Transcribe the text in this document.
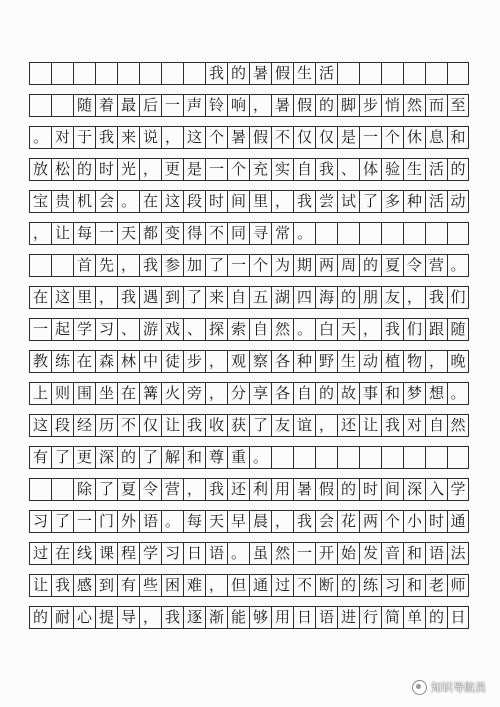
我 的 暑 假 生 活
随 着 最 后 一 声 铃 响 ， 暑 假 的 脚 步 悄 然 而 至
。 对 于 我 来 说 ， 这 个 暑 假 不 仅 仅 是 一 个 休 息 和
放 松 的 时 光 ， 更 是 一 个 充 实 自 我 、 体 验 生 活 的
宝 贵 机 会 。 在 这 段 时 间 里 ， 我 尝 试 了 多 种 活 动
， 让 每 一 天 都 变 得 不 同 寻 常 。
首 先 ， 我 参 加 了 一 个 为 期 两 周 的 夏 令 营 。
在 这 里 ， 我 遇 到 了 来 自 五 湖 四 海 的 朋 友 ， 我 们
一 起 学 习 、 游 戏 、 探 索 自 然 。 白 天 ， 我 们 跟 随
教 练 在 森 林 中 徒 步 ， 观 察 各 种 野 生 动 植 物 ， 晚
上 则 围 坐 在 篝 火 旁 ， 分 享 各 自 的 故 事 和 梦 想 。
这 段 经 历 不 仅 让 我 收 获 了 友 谊 ， 还 让 我 对 自 然
有 了 更 深 的 了 解 和 尊 重 。
除 了 夏 令 营 ， 我 还 利 用 暑 假 的 时 间 深 入 学
习 了 一 门 外 语 。 每 天 早 晨 ， 我 会 花 两 个 小 时 通
过 在 线 课 程 学 习 日 语 。 虽 然 一 开 始 发 音 和 语 法
让 我 感 到 有 些 困 难 ， 但 通 过 不 断 的 练 习 和 老 师
的 耐 心 提 导 ， 我 逐 渐 能 够 用 日 语 进 行 简 单 的 日
知识导航员
